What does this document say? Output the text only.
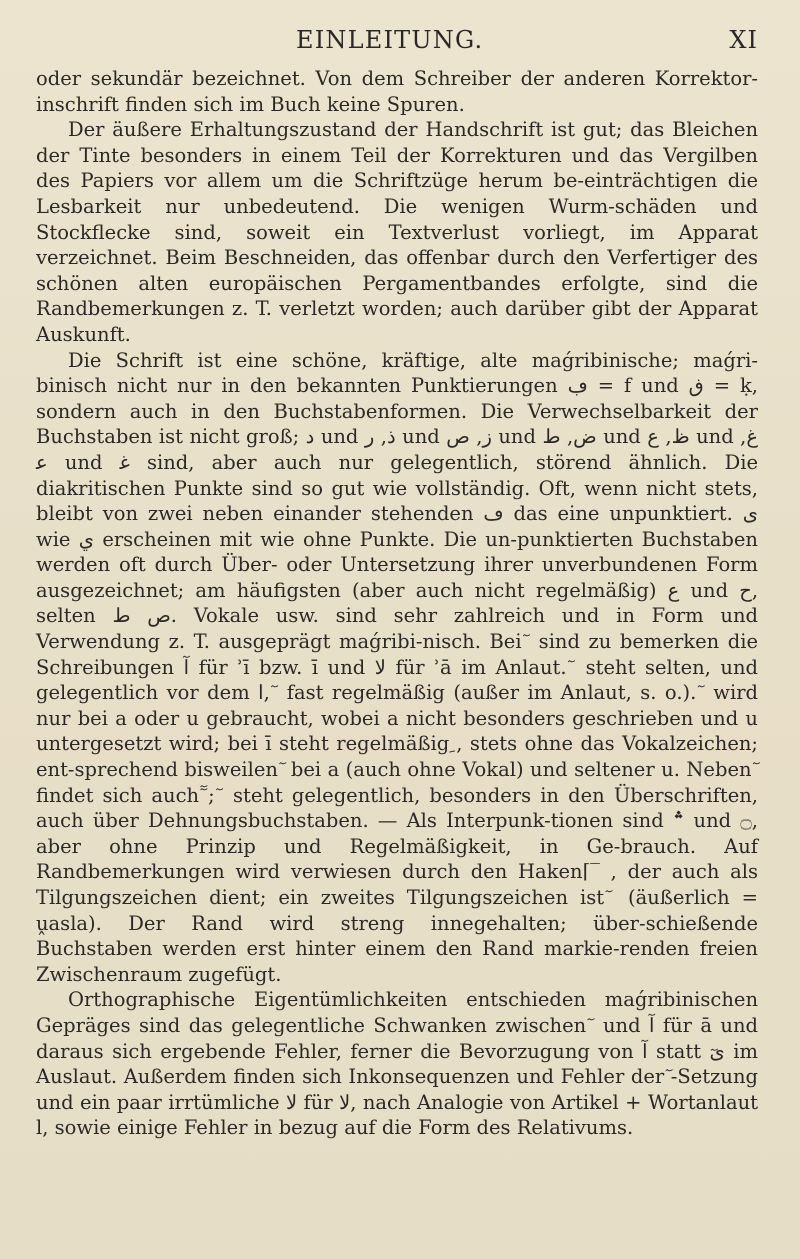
EINLEITUNG.	XI

oder sekundär bezeichnet. Von dem Schreiber der anderen Korrektor-inschrift finden sich im Buch keine Spuren.

Der äußere Erhaltungszustand der Handschrift ist gut; das Bleichen der Tinte besonders in einem Teil der Korrekturen und das Vergilben des Papiers vor allem um die Schriftzüge herum be-einträchtigen die Lesbarkeit nur unbedeutend. Die wenigen Wurm-schäden und Stockflecke sind, soweit ein Textverlust vorliegt, im Apparat verzeichnet. Beim Beschneiden, das offenbar durch den Verfertiger des schönen alten europäischen Pergamentbandes erfolgte, sind die Randbemerkungen z. T. verletzt worden; auch darüber gibt der Apparat Auskunft.

Die Schrift ist eine schöne, kräftige, alte maǵribinische; maǵri-binisch nicht nur in den bekannten Punktierungen ڢ = f und ڧ = ḳ, sondern auch in den Buchstabenformen. Die Verwechselbarkeit der Buchstaben ist nicht groß; ﺩ und ﺫ, ﺭ und ﺯ, ص und ض, ﻁ und ﻅ, ﻉ und ﻍ, ﻋ und ﻏ sind, aber auch nur gelegentlich, störend ähnlich. Die diakritischen Punkte sind so gut wie vollständig. Oft, wenn nicht stets, bleibt von zwei neben einander stehenden ڡ das eine unpunktiert. ى wie ي erscheinen mit wie ohne Punkte. Die un-punktierten Buchstaben werden oft durch Über- oder Untersetzung ihrer unverbundenen Form ausgezeichnet; am häufigsten (aber auch nicht regelmäßig) ﻉ und ﺡ, selten ص ط. Vokale usw. sind sehr zahlreich und in Form und Verwendung z. T. ausgeprägt maǵribi-nisch. Bei ٓ sind zu bemerken die Schreibungen ﺍٓ für ʾī bzw. ī und ﻻ für ʾā im Anlaut. ٓ steht selten, und gelegentlich vor dem ا, ٓ fast regelmäßig (außer im Anlaut, s. o.). ٓ wird nur bei a oder u gebraucht, wobei a nicht besonders geschrieben und u untergesetzt wird; bei ī steht regelmäßig ِ, stets ohne das Vokalzeichen; ent-sprechend bisweilen ٓ bei a (auch ohne Vokal) und seltener u. Neben ٓ findet sich auch ٓٓ; ٓ steht gelegentlich, besonders in den Überschriften, auch über Dehnungsbuchstaben. — Als Interpunk-tionen sind ؞ und ۝, aber ohne Prinzip und Regelmäßigkeit, in Ge-brauch. Auf Randbemerkungen wird verwiesen durch den Haken⌈‾ , der auch als Tilgungszeichen dient; ein zweites Tilgungszeichen ist ٓ (äußerlich = ṷasla). Der Rand wird streng innegehalten; über-schießende Buchstaben werden erst hinter einem den Rand markie-renden freien Zwischenraum zugefügt.

Orthographische Eigentümlichkeiten entschieden maǵribinischen Gepräges sind das gelegentliche Schwanken zwischen ٓ und ﺍٓ für ā und daraus sich ergebende Fehler, ferner die Bevorzugung von ﺍٓ statt ىٓ im Auslaut. Außerdem finden sich Inkonsequenzen und Fehler der ٓ-Setzung und ein paar irrtümliche ﻻ für ﻻ, nach Analogie von Artikel + Wortanlaut l, sowie einige Fehler in bezug auf die Form des Relativums.
